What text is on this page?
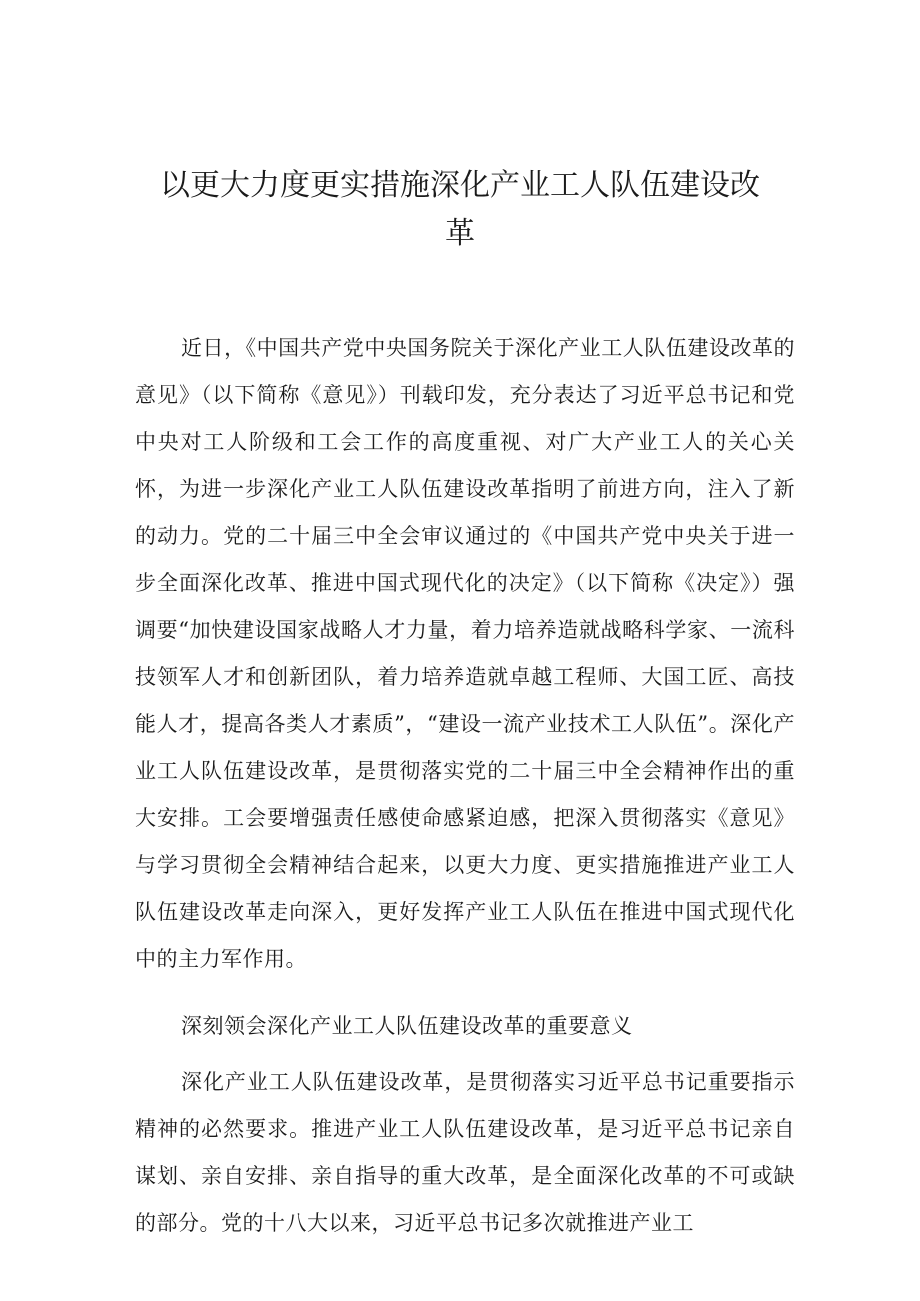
以更大力度更实措施深化产业工人队伍建设改
革

近日，《中国共产党中央国务院关于深化产业工人队伍建设改革的意见》（以下简称《意见》）刊载印发，充分表达了习近平总书记和党中央对工人阶级和工会工作的高度重视、对广大产业工人的关心关怀，为进一步深化产业工人队伍建设改革指明了前进方向，注入了新的动力。党的二十届三中全会审议通过的《中国共产党中央关于进一步全面深化改革、推进中国式现代化的决定》（以下简称《决定》）强调要“加快建设国家战略人才力量，着力培养造就战略科学家、一流科技领军人才和创新团队，着力培养造就卓越工程师、大国工匠、高技能人才，提高各类人才素质”，“建设一流产业技术工人队伍”。深化产业工人队伍建设改革，是贯彻落实党的二十届三中全会精神作出的重大安排。工会要增强责任感使命感紧迫感，把深入贯彻落实《意见》与学习贯彻全会精神结合起来，以更大力度、更实措施推进产业工人队伍建设改革走向深入，更好发挥产业工人队伍在推进中国式现代化中的主力军作用。

深刻领会深化产业工人队伍建设改革的重要意义

深化产业工人队伍建设改革，是贯彻落实习近平总书记重要指示精神的必然要求。推进产业工人队伍建设改革，是习近平总书记亲自谋划、亲自安排、亲自指导的重大改革，是全面深化改革的不可或缺的部分。党的十八大以来，习近平总书记多次就推进产业工
